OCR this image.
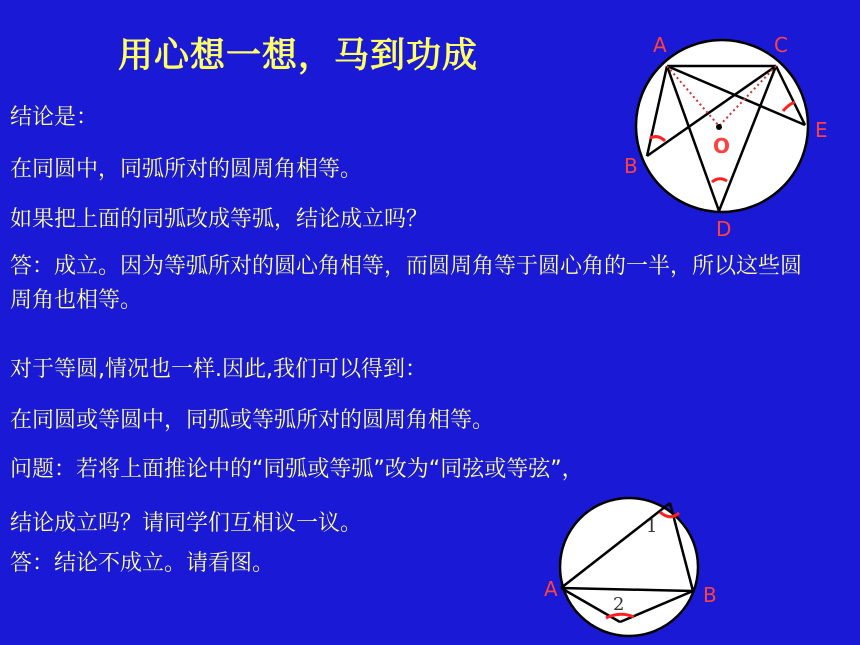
用心想一想，马到功成
结论是：
在同圆中，同弧所对的圆周角相等。
如果把上面的同弧改成等弧，结论成立吗？
答：成立。因为等弧所对的圆心角相等，而圆周角等于圆心角的一半，所以这些圆周角也相等。
对于等圆,情况也一样.因此,我们可以得到：
在同圆或等圆中，同弧或等弧所对的圆周角相等。
问题：若将上面推论中的“同弧或等弧”改为“同弦或等弦”，
结论成立吗？请同学们互相议一议。
答：结论不成立。请看图。
A	C
E
B
D
O
1
2
A	B
